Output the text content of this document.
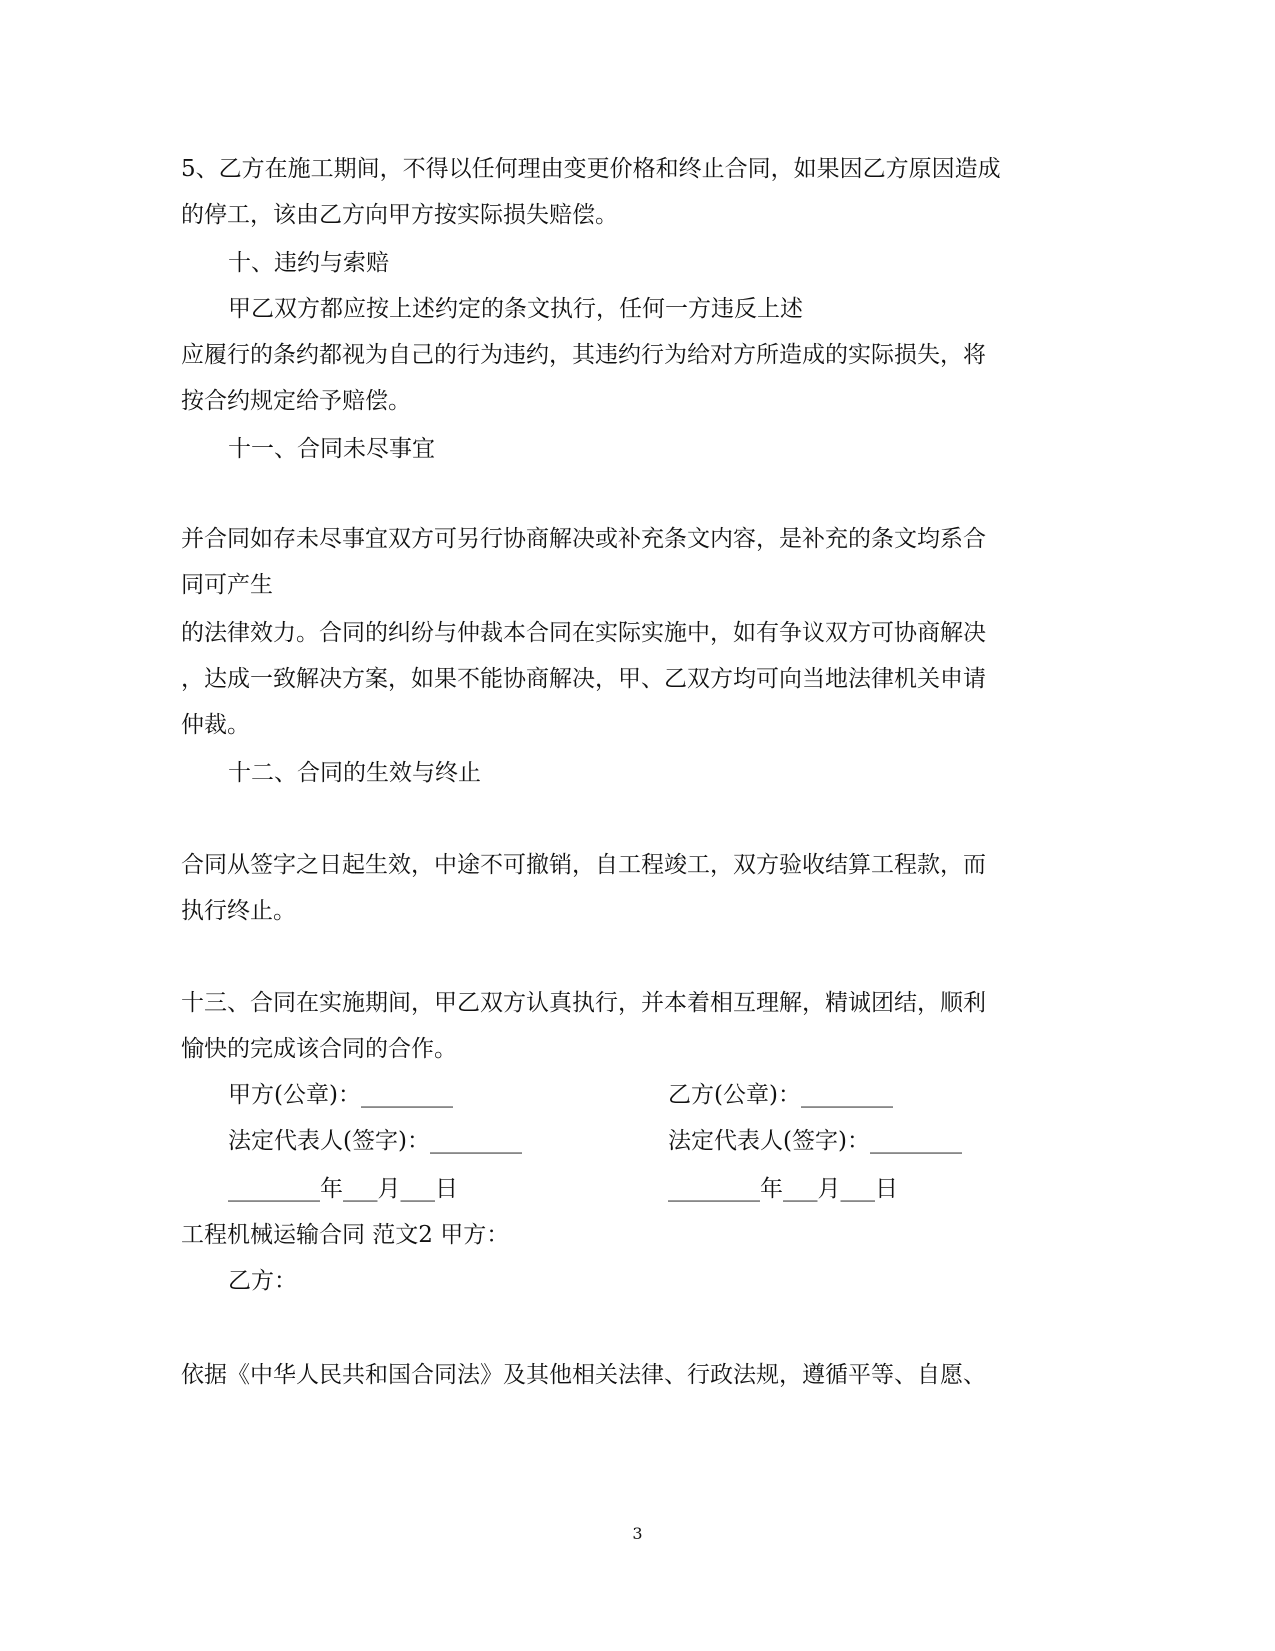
5、乙方在施工期间，不得以任何理由变更价格和终止合同，如果因乙方原因造成
的停工，该由乙方向甲方按实际损失赔偿。
十、违约与索赔
甲乙双方都应按上述约定的条文执行，任何一方违反上述
应履行的条约都视为自己的行为违约，其违约行为给对方所造成的实际损失，将
按合约规定给予赔偿。
十一、合同未尽事宜
并合同如存未尽事宜双方可另行协商解决或补充条文内容，是补充的条文均系合
同可产生
的法律效力。合同的纠纷与仲裁本合同在实际实施中，如有争议双方可协商解决
，达成一致解决方案，如果不能协商解决，甲、乙双方均可向当地法律机关申请
仲裁。
十二、合同的生效与终止
合同从签字之日起生效，中途不可撤销，自工程竣工，双方验收结算工程款，而
执行终止。
十三、合同在实施期间，甲乙双方认真执行，并本着相互理解，精诚团结，顺利
愉快的完成该合同的合作。
甲方(公章)：________	乙方(公章)：________
法定代表人(签字)：________	法定代表人(签字)：________
________年___月___日	________年___月___日
工程机械运输合同 范文2 甲方：
乙方：
依据《中华人民共和国合同法》及其他相关法律、行政法规，遵循平等、自愿、
3
